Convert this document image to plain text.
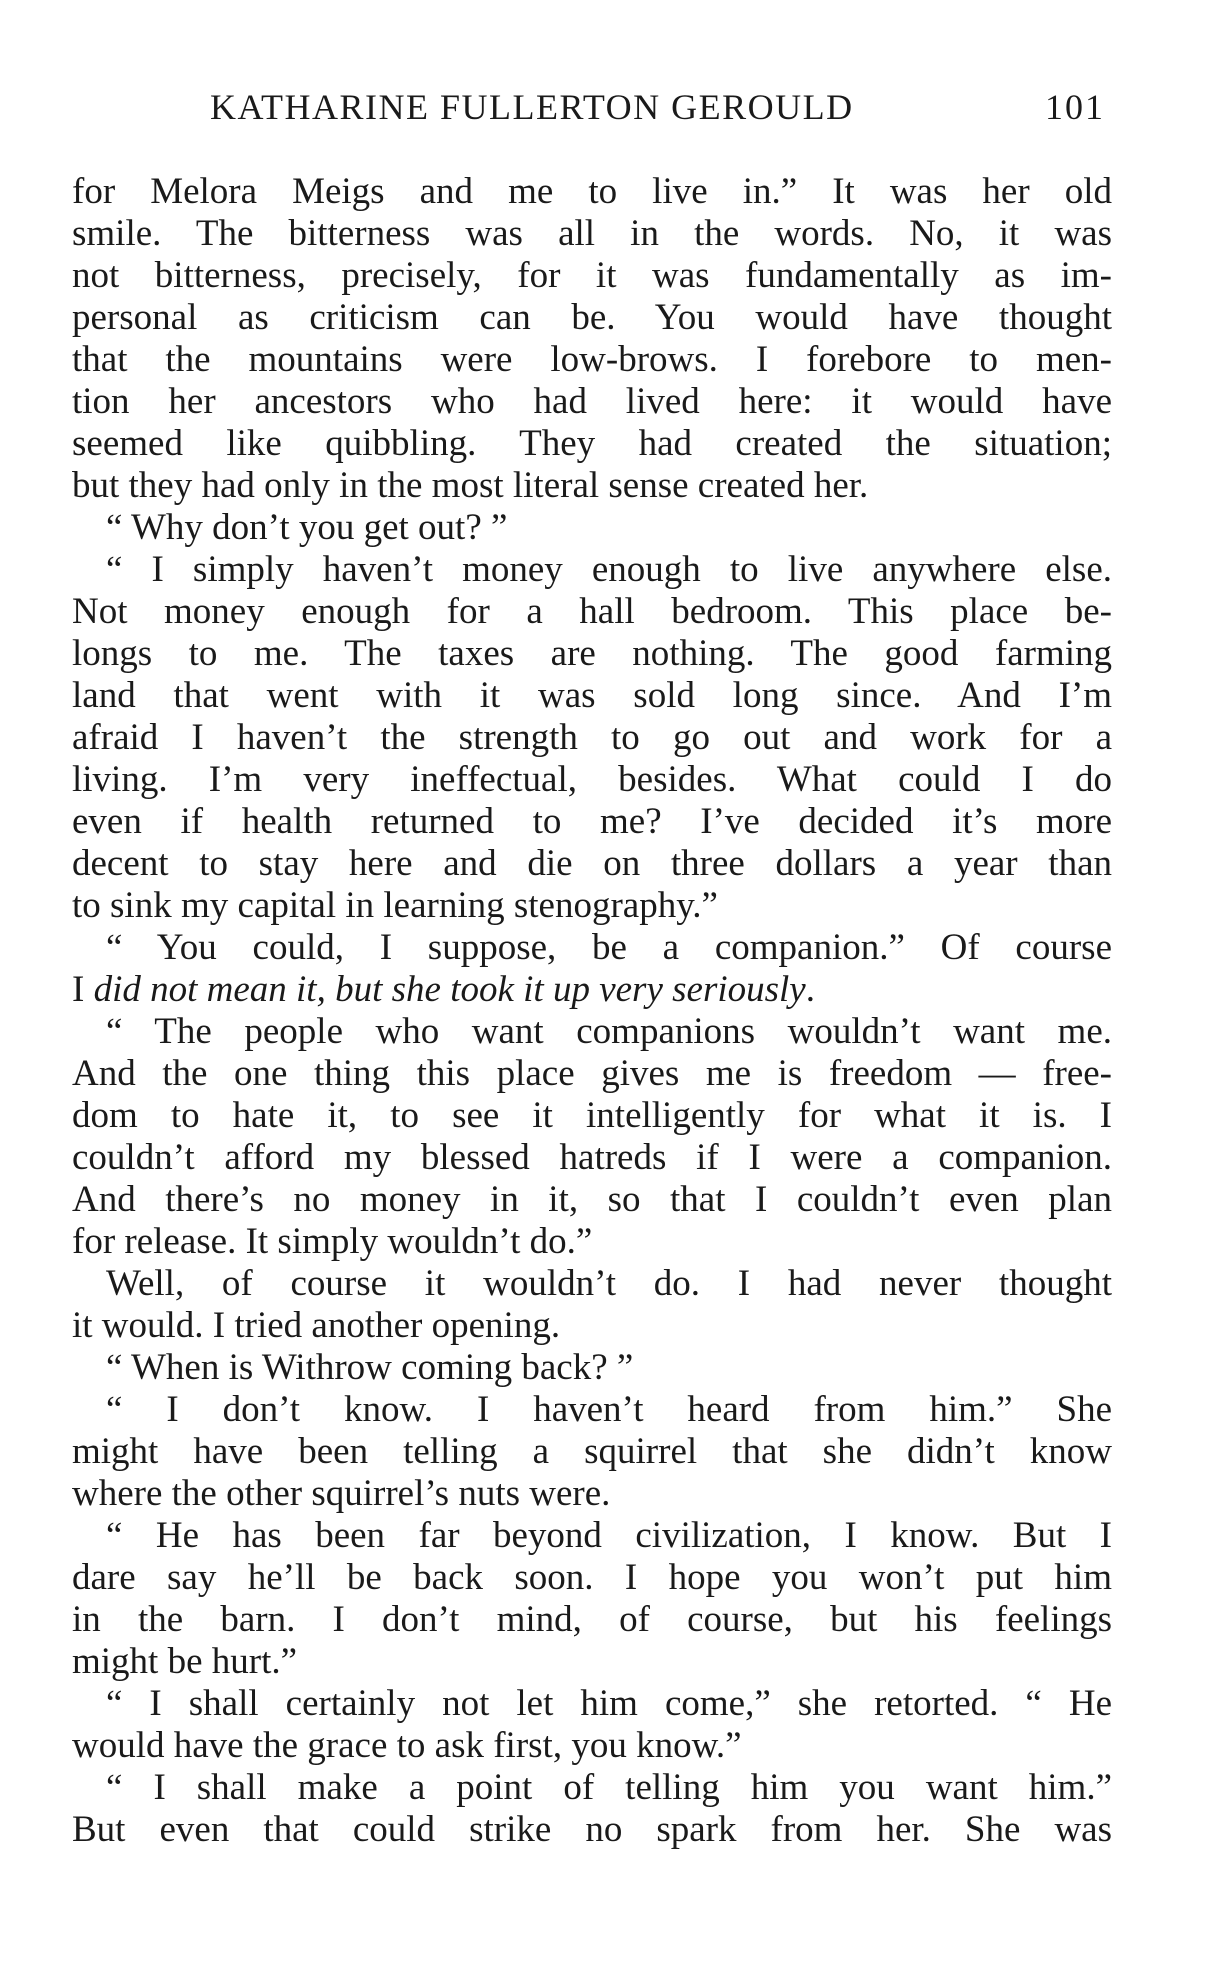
KATHARINE FULLERTON GEROULD	101
for Melora Meigs and me to live in.” It was her old
smile. The bitterness was all in the words. No, it was
not bitterness, precisely, for it was fundamentally as im-
personal as criticism can be. You would have thought
that the mountains were low-brows. I forebore to men-
tion her ancestors who had lived here: it would have
seemed like quibbling. They had created the situation;
but they had only in the most literal sense created her.
“ Why don’t you get out? ”
“ I simply haven’t money enough to live anywhere else.
Not money enough for a hall bedroom. This place be-
longs to me. The taxes are nothing. The good farming
land that went with it was sold long since. And I’m
afraid I haven’t the strength to go out and work for a
living. I’m very ineffectual, besides. What could I do
even if health returned to me? I’ve decided it’s more
decent to stay here and die on three dollars a year than
to sink my capital in learning stenography.”
“ You could, I suppose, be a companion.” Of course
I did not mean it, but she took it up very seriously.
“ The people who want companions wouldn’t want me.
And the one thing this place gives me is freedom — free-
dom to hate it, to see it intelligently for what it is. I
couldn’t afford my blessed hatreds if I were a companion.
And there’s no money in it, so that I couldn’t even plan
for release. It simply wouldn’t do.”
Well, of course it wouldn’t do. I had never thought
it would. I tried another opening.
“ When is Withrow coming back? ”
“ I don’t know. I haven’t heard from him.” She
might have been telling a squirrel that she didn’t know
where the other squirrel’s nuts were.
“ He has been far beyond civilization, I know. But I
dare say he’ll be back soon. I hope you won’t put him
in the barn. I don’t mind, of course, but his feelings
might be hurt.”
“ I shall certainly not let him come,” she retorted. “ He
would have the grace to ask first, you know.”
“ I shall make a point of telling him you want him.”
But even that could strike no spark from her. She was
